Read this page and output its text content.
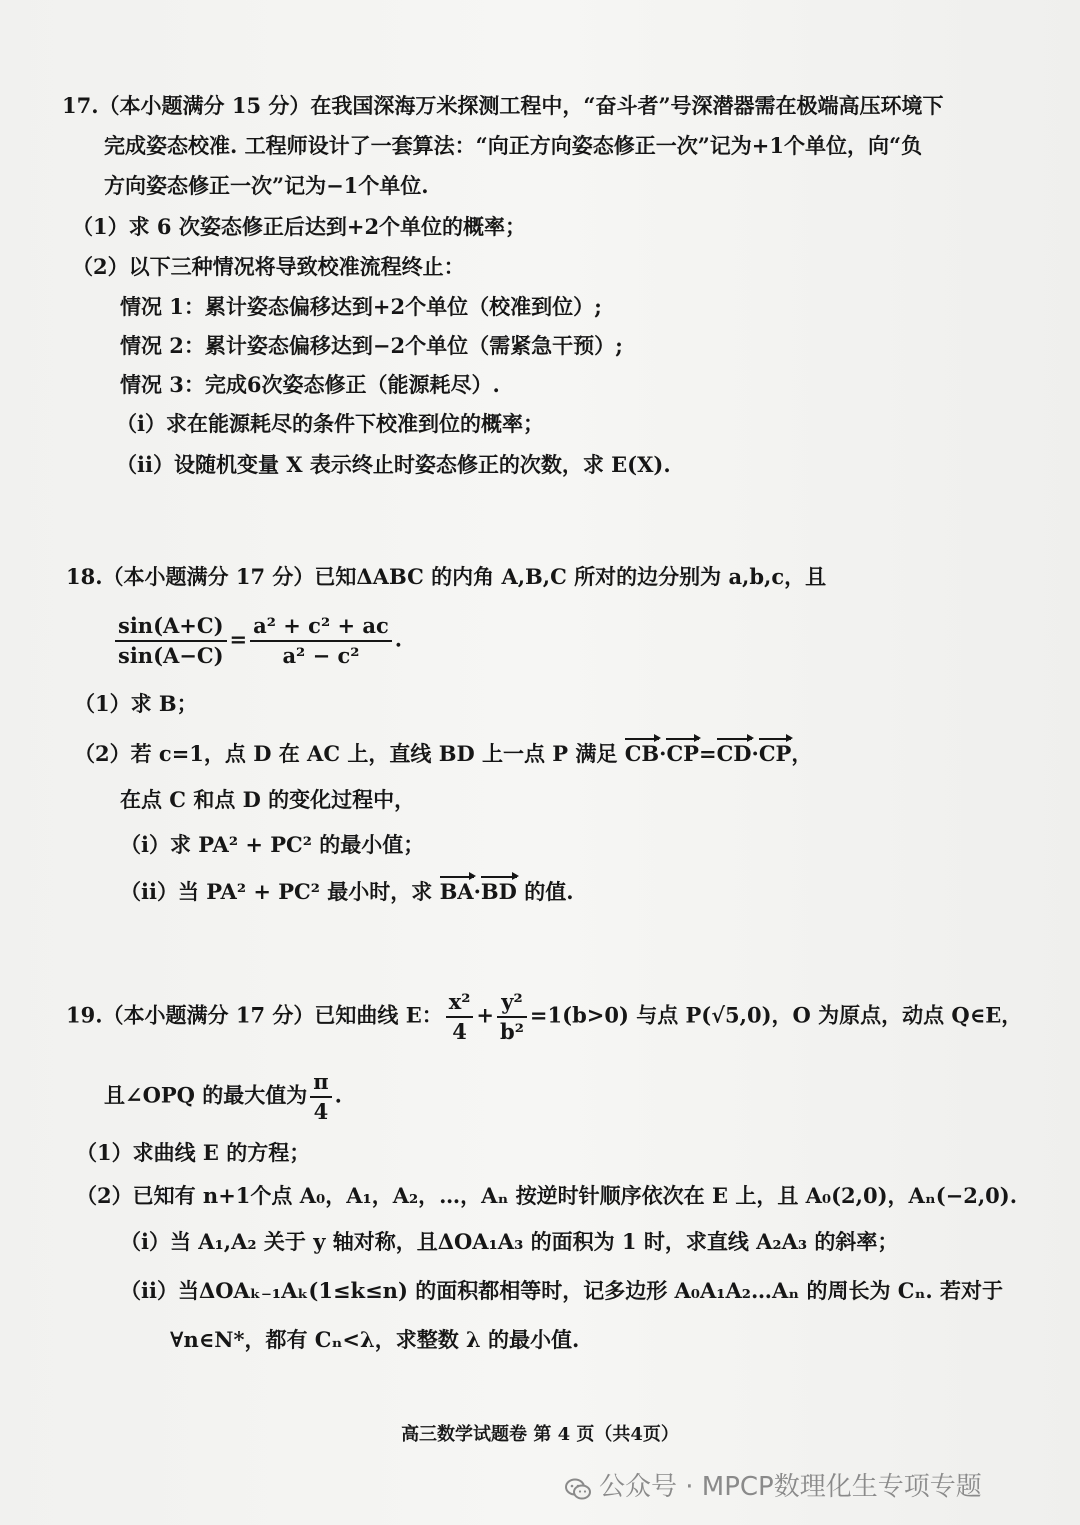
17.（本小题满分 15 分）在我国深海万米探测工程中，“奋斗者”号深潜器需在极端高压环境下
完成姿态校准. 工程师设计了一套算法：“向正方向姿态修正一次”记为+1个单位，向“负
方向姿态修正一次”记为−1个单位.
（1）求 6 次姿态修正后达到+2个单位的概率；
（2）以下三种情况将导致校准流程终止：
情况 1：累计姿态偏移达到+2个单位（校准到位）;
情况 2：累计姿态偏移达到−2个单位（需紧急干预）;
情况 3：完成6次姿态修正（能源耗尽）.
（i）求在能源耗尽的条件下校准到位的概率；
（ii）设随机变量 X 表示终止时姿态修正的次数，求 E(X).
18.（本小题满分 17 分）已知ΔABC 的内角 A,B,C 所对的边分别为 a,b,c，且
$\frac{\sin(A+C)}{\sin(A-C)} = \frac{\text{a² + c² + ac}}{\text{a² − c²}}$ .
（1）求 B；
（2）若 c=1，点 D 在 AC 上，直线 BD 上一点 P 满足 CB·CP=CD·CP，
在点 C 和点 D 的变化过程中，
（i）求 PA² + PC² 的最小值；
（ii）当 PA² + PC² 最小时，求 BA·BD 的值.
19.（本小题满分 17 分）已知曲线 E： $\frac{\text{x²}}{4} + \frac{\text{y²}}{\text{b²}} =1(b>0)$ 与点 P(√5,0)，O 为原点，动点 Q∈E，
且∠OPQ 的最大值为 $\frac{\pi}{4}$ .
（1）求曲线 E 的方程；
（2）已知有 n+1个点 A₀，A₁，A₂，…，Aₙ 按逆时针顺序依次在 E 上，且 A₀(2,0)，Aₙ(−2,0).
（i）当 A₁,A₂ 关于 y 轴对称，且ΔOA₁A₃ 的面积为 1 时，求直线 A₂A₃ 的斜率；
（ii）当ΔOAₖ₋₁Aₖ(1≤k≤n) 的面积都相等时，记多边形 A₀A₁A₂…Aₙ 的周长为 Cₙ. 若对于
∀n∈N*，都有 Cₙ<λ，求整数 λ 的最小值.
高三数学试题卷 第 4 页（共4页）
公众号 · MPCP数理化生专项专题
